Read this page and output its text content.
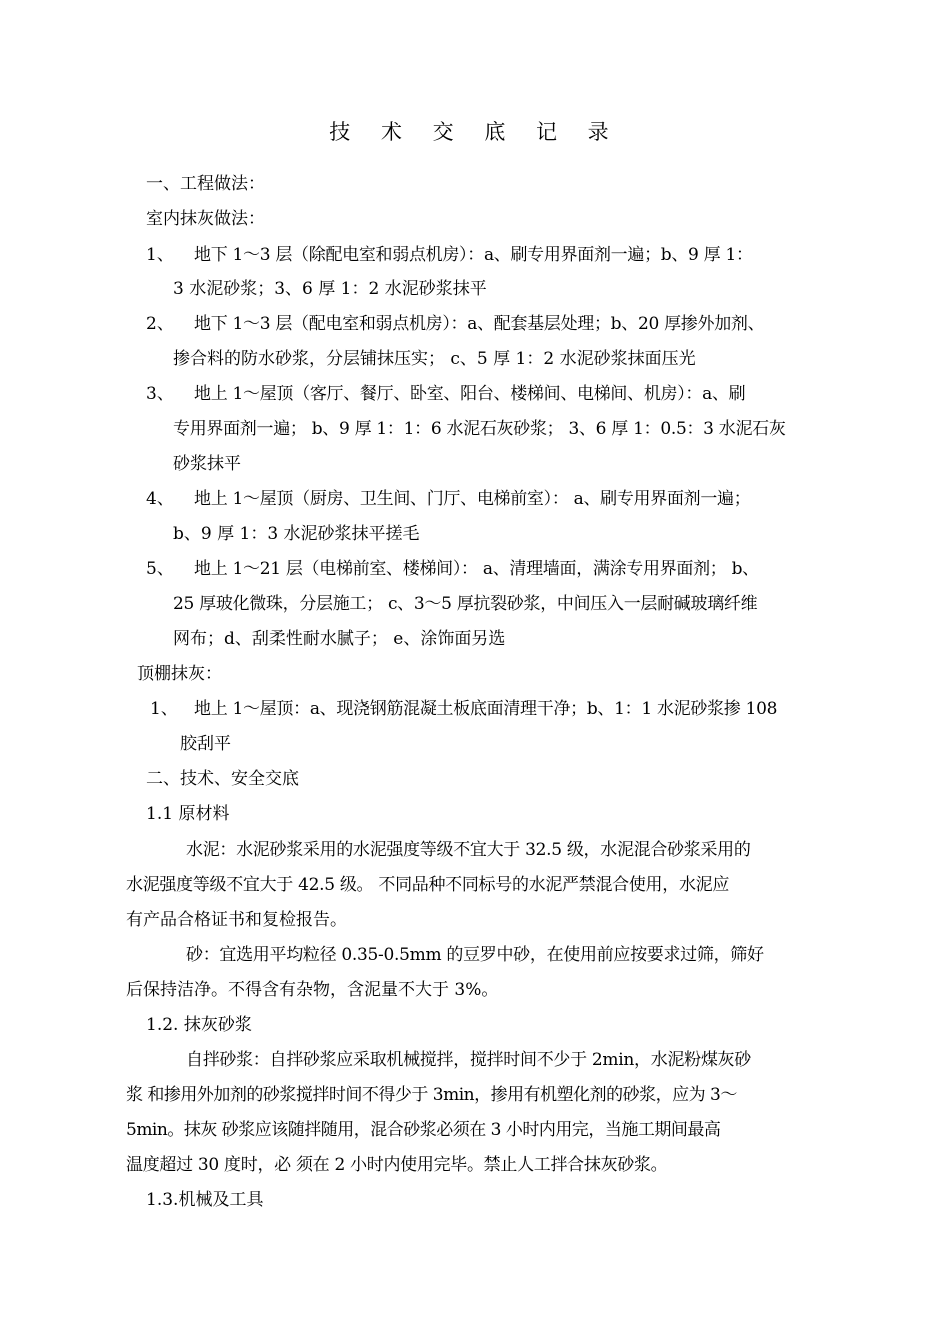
技 术 交 底 记 录
一、工程做法：
室内抹灰做法：
1、 地下 1～3 层（除配电室和弱点机房）：a、刷专用界面剂一遍；b、9 厚 1：
3 水泥砂浆；3、6 厚 1：2 水泥砂浆抹平
2、 地下 1～3 层（配电室和弱点机房）：a、配套基层处理；b、20 厚掺外加剂、
掺合料的防水砂浆，分层铺抹压实； c、5 厚 1：2 水泥砂浆抹面压光
3、 地上 1～屋顶（客厅、餐厅、卧室、阳台、楼梯间、电梯间、机房）：a、刷
专用界面剂一遍； b、9 厚 1：1：6 水泥石灰砂浆； 3、6 厚 1：0.5：3 水泥石灰
砂浆抹平
4、 地上 1～屋顶（厨房、卫生间、门厅、电梯前室）： a、刷专用界面剂一遍；
b、9 厚 1：3 水泥砂浆抹平搓毛
5、 地上 1～21 层（电梯前室、楼梯间）： a、清理墙面，满涂专用界面剂； b、
25 厚玻化微珠，分层施工； c、3～5 厚抗裂砂浆，中间压入一层耐碱玻璃纤维
网布；d、刮柔性耐水腻子； e、涂饰面另选
顶棚抹灰：
1、 地上 1～屋顶：a、现浇钢筋混凝土板底面清理干净；b、1：1 水泥砂浆掺 108
胶刮平
二、技术、安全交底
1.1 原材料
水泥：水泥砂浆采用的水泥强度等级不宜大于 32.5 级，水泥混合砂浆采用的
水泥强度等级不宜大于 42.5 级。 不同品种不同标号的水泥严禁混合使用，水泥应
有产品合格证书和复检报告。
砂：宜选用平均粒径 0.35-0.5mm 的豆罗中砂，在使用前应按要求过筛，筛好
后保持洁净。不得含有杂物，含泥量不大于 3%。
1.2. 抹灰砂浆
自拌砂浆：自拌砂浆应采取机械搅拌，搅拌时间不少于 2min，水泥粉煤灰砂
浆 和掺用外加剂的砂浆搅拌时间不得少于 3min，掺用有机塑化剂的砂浆，应为 3～
5min。抹灰 砂浆应该随拌随用，混合砂浆必须在 3 小时内用完，当施工期间最高
温度超过 30 度时，必 须在 2 小时内使用完毕。禁止人工拌合抹灰砂浆。
1.3.机械及工具
